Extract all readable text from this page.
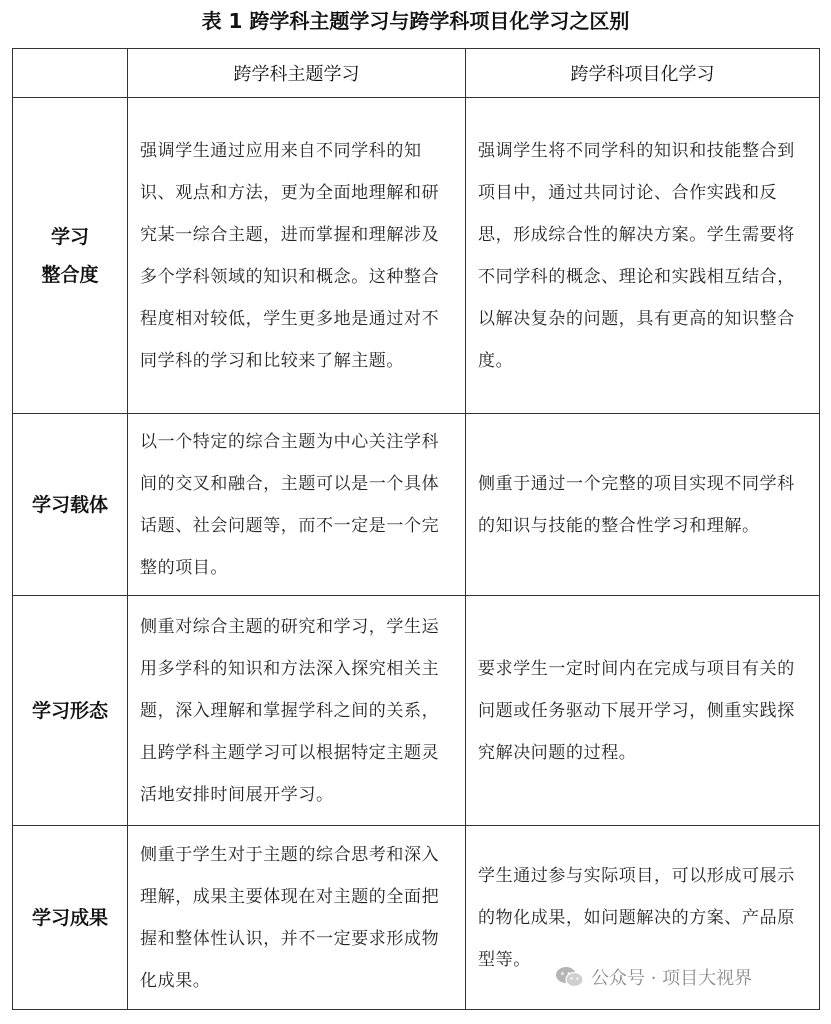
表 1 跨学科主题学习与跨学科项目化学习之区别
	跨学科主题学习	跨学科项目化学习

学习
整合度	强调学生通过应用来自不同学科的知识、观点和方法，更为全面地理解和研究某一综合主题，进而掌握和理解涉及多个学科领域的知识和概念。这种整合程度相对较低，学生更多地是通过对不同学科的学习和比较来了解主题。	强调学生将不同学科的知识和技能整合到项目中，通过共同讨论、合作实践和反思，形成综合性的解决方案。学生需要将不同学科的概念、理论和实践相互结合，以解决复杂的问题，具有更高的知识整合度。
学习载体	以一个特定的综合主题为中心关注学科间的交叉和融合，主题可以是一个具体话题、社会问题等，而不一定是一个完整的项目。	侧重于通过一个完整的项目实现不同学科的知识与技能的整合性学习和理解。
学习形态	侧重对综合主题的研究和学习，学生运用多学科的知识和方法深入探究相关主题，深入理解和掌握学科之间的关系，且跨学科主题学习可以根据特定主题灵活地安排时间展开学习。	要求学生一定时间内在完成与项目有关的问题或任务驱动下展开学习，侧重实践探究解决问题的过程。
学习成果	侧重于学生对于主题的综合思考和深入理解，成果主要体现在对主题的全面把握和整体性认识，并不一定要求形成物化成果。	学生通过参与实际项目，可以形成可展示的物化成果，如问题解决的方案、产品原型等。
公众号 · 项目大视界
